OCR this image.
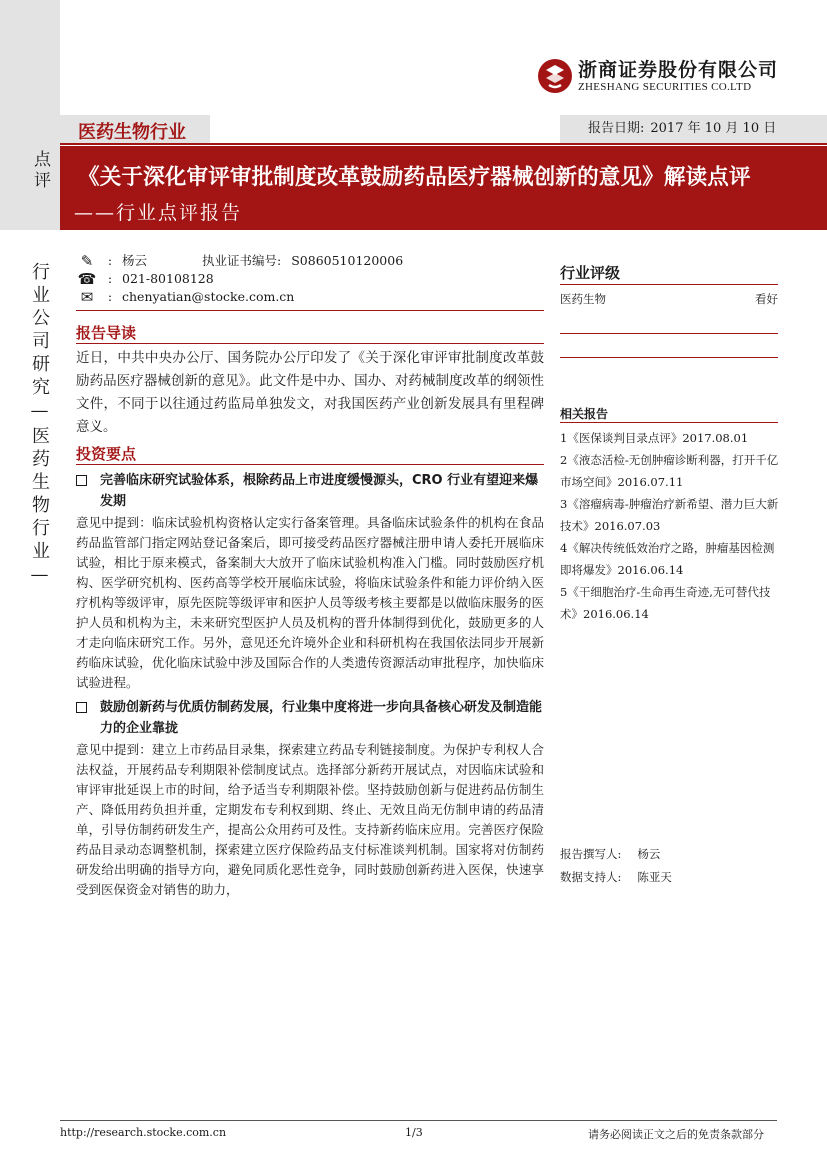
浙商证券股份有限公司
ZHESHANG SECURITIES CO.LTD
医药生物行业	报告日期: 2017 年 10 月 10 日
《关于深化审评审批制度改革鼓励药品医疗器械创新的意见》解读点评
——行业点评报告
点评
行业公司研究—医药生物行业—
✎	: 杨云	执业证书编号: S0860510120006
☎ : 021-80108128
✉	: chenyatian@stocke.com.cn
报告导读
近日，中共中央办公厅、国务院办公厅印发了《关于深化审评审批制度改革鼓励药品医疗器械创新的意见》。此文件是中办、国办、对药械制度改革的纲领性文件，不同于以往通过药监局单独发文，对我国医药产业创新发展具有里程碑意义。
投资要点
完善临床研究试验体系，根除药品上市进度缓慢源头，CRO 行业有望迎来爆发期
意见中提到：临床试验机构资格认定实行备案管理。具备临床试验条件的机构在食品药品监管部门指定网站登记备案后，即可接受药品医疗器械注册申请人委托开展临床试验，相比于原来模式，备案制大大放开了临床试验机构准入门槛。同时鼓励医疗机构、医学研究机构、医药高等学校开展临床试验，将临床试验条件和能力评价纳入医疗机构等级评审，原先医院等级评审和医护人员等级考核主要都是以做临床服务的医护人员和机构为主，未来研究型医护人员及机构的晋升体制得到优化，鼓励更多的人才走向临床研究工作。另外，意见还允许境外企业和科研机构在我国依法同步开展新药临床试验，优化临床试验中涉及国际合作的人类遗传资源活动审批程序，加快临床试验进程。
鼓励创新药与优质仿制药发展，行业集中度将进一步向具备核心研发及制造能力的企业靠拢
意见中提到：建立上市药品目录集，探索建立药品专利链接制度。为保护专利权人合法权益，开展药品专利期限补偿制度试点。选择部分新药开展试点，对因临床试验和审评审批延误上市的时间，给予适当专利期限补偿。坚持鼓励创新与促进药品仿制生产、降低用药负担并重，定期发布专利权到期、终止、无效且尚无仿制申请的药品清单，引导仿制药研发生产，提高公众用药可及性。支持新药临床应用。完善医疗保险药品目录动态调整机制，探索建立医疗保险药品支付标准谈判机制。国家将对仿制药研发给出明确的指导方向，避免同质化恶性竞争，同时鼓励创新药进入医保，快速享受到医保资金对销售的助力，
行业评级
医药生物	看好
相关报告
1《医保谈判目录点评》2017.08.01
2《液态活检-无创肿瘤诊断利器，打开千亿市场空间》2016.07.11
3《溶瘤病毒-肿瘤治疗新希望、潜力巨大新技术》2016.07.03
4《解决传统低效治疗之路，肿瘤基因检测即将爆发》2016.06.14
5《干细胞治疗-生命再生奇迹,无可替代技术》2016.06.14
报告撰写人: 杨云
数据支持人: 陈亚天
http://research.stocke.com.cn	1/3	请务必阅读正文之后的免责条款部分
